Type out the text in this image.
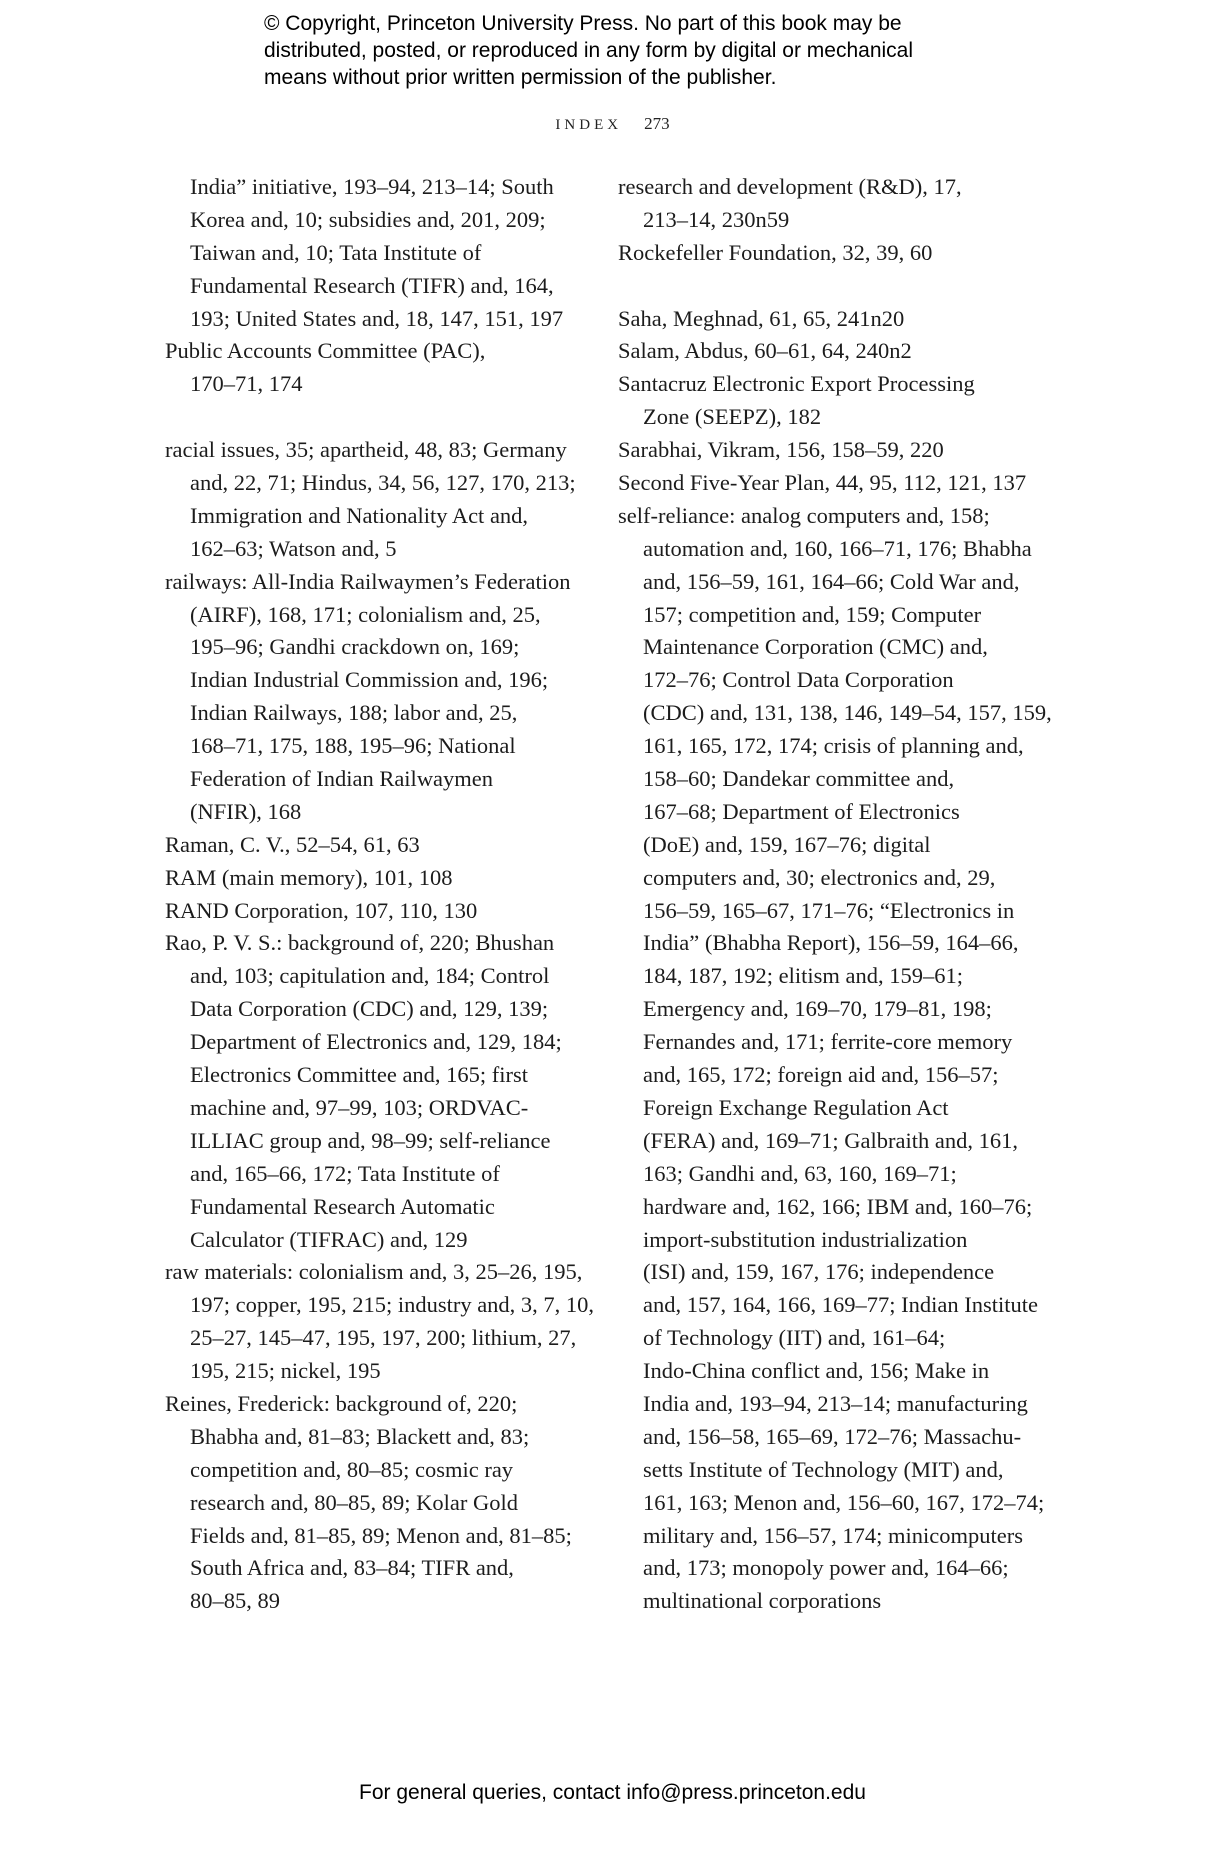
© Copyright, Princeton University Press. No part of this book may be
distributed, posted, or reproduced in any form by digital or mechanical
means without prior written permission of the publisher.
INDEX 273
India” initiative, 193–94, 213–14; South
Korea and, 10; subsidies and, 201, 209;
Taiwan and, 10; Tata Institute of
Fundamental Research (TIFR) and, 164,
193; United States and, 18, 147, 151, 197
Public Accounts Committee (PAC),
170–71, 174
racial issues, 35; apartheid, 48, 83; Germany
and, 22, 71; Hindus, 34, 56, 127, 170, 213;
Immigration and Nationality Act and,
162–63; Watson and, 5
railways: All-India Railwaymen’s Federation
(AIRF), 168, 171; colonialism and, 25,
195–96; Gandhi crackdown on, 169;
Indian Industrial Commission and, 196;
Indian Railways, 188; labor and, 25,
168–71, 175, 188, 195–96; National
Federation of Indian Railwaymen
(NFIR), 168
Raman, C. V., 52–54, 61, 63
RAM (main memory), 101, 108
RAND Corporation, 107, 110, 130
Rao, P. V. S.: background of, 220; Bhushan
and, 103; capitulation and, 184; Control
Data Corporation (CDC) and, 129, 139;
Department of Electronics and, 129, 184;
Electronics Committee and, 165; first
machine and, 97–99, 103; ORDVAC-
ILLIAC group and, 98–99; self-reliance
and, 165–66, 172; Tata Institute of
Fundamental Research Automatic
Calculator (TIFRAC) and, 129
raw materials: colonialism and, 3, 25–26, 195,
197; copper, 195, 215; industry and, 3, 7, 10,
25–27, 145–47, 195, 197, 200; lithium, 27,
195, 215; nickel, 195
Reines, Frederick: background of, 220;
Bhabha and, 81–83; Blackett and, 83;
competition and, 80–85; cosmic ray
research and, 80–85, 89; Kolar Gold
Fields and, 81–85, 89; Menon and, 81–85;
South Africa and, 83–84; TIFR and,
80–85, 89
research and development (R&D), 17,
213–14, 230n59
Rockefeller Foundation, 32, 39, 60
Saha, Meghnad, 61, 65, 241n20
Salam, Abdus, 60–61, 64, 240n2
Santacruz Electronic Export Processing
Zone (SEEPZ), 182
Sarabhai, Vikram, 156, 158–59, 220
Second Five-Year Plan, 44, 95, 112, 121, 137
self-reliance: analog computers and, 158;
automation and, 160, 166–71, 176; Bhabha
and, 156–59, 161, 164–66; Cold War and,
157; competition and, 159; Computer
Maintenance Corporation (CMC) and,
172–76; Control Data Corporation
(CDC) and, 131, 138, 146, 149–54, 157, 159,
161, 165, 172, 174; crisis of planning and,
158–60; Dandekar committee and,
167–68; Department of Electronics
(DoE) and, 159, 167–76; digital
computers and, 30; electronics and, 29,
156–59, 165–67, 171–76; “Electronics in
India” (Bhabha Report), 156–59, 164–66,
184, 187, 192; elitism and, 159–61;
Emergency and, 169–70, 179–81, 198;
Fernandes and, 171; ferrite-core memory
and, 165, 172; foreign aid and, 156–57;
Foreign Exchange Regulation Act
(FERA) and, 169–71; Galbraith and, 161,
163; Gandhi and, 63, 160, 169–71;
hardware and, 162, 166; IBM and, 160–76;
import-substitution industrialization
(ISI) and, 159, 167, 176; independence
and, 157, 164, 166, 169–77; Indian Institute
of Technology (IIT) and, 161–64;
Indo-China conflict and, 156; Make in
India and, 193–94, 213–14; manufacturing
and, 156–58, 165–69, 172–76; Massachu-
setts Institute of Technology (MIT) and,
161, 163; Menon and, 156–60, 167, 172–74;
military and, 156–57, 174; minicomputers
and, 173; monopoly power and, 164–66;
multinational corporations
For general queries, contact info@press.princeton.edu
